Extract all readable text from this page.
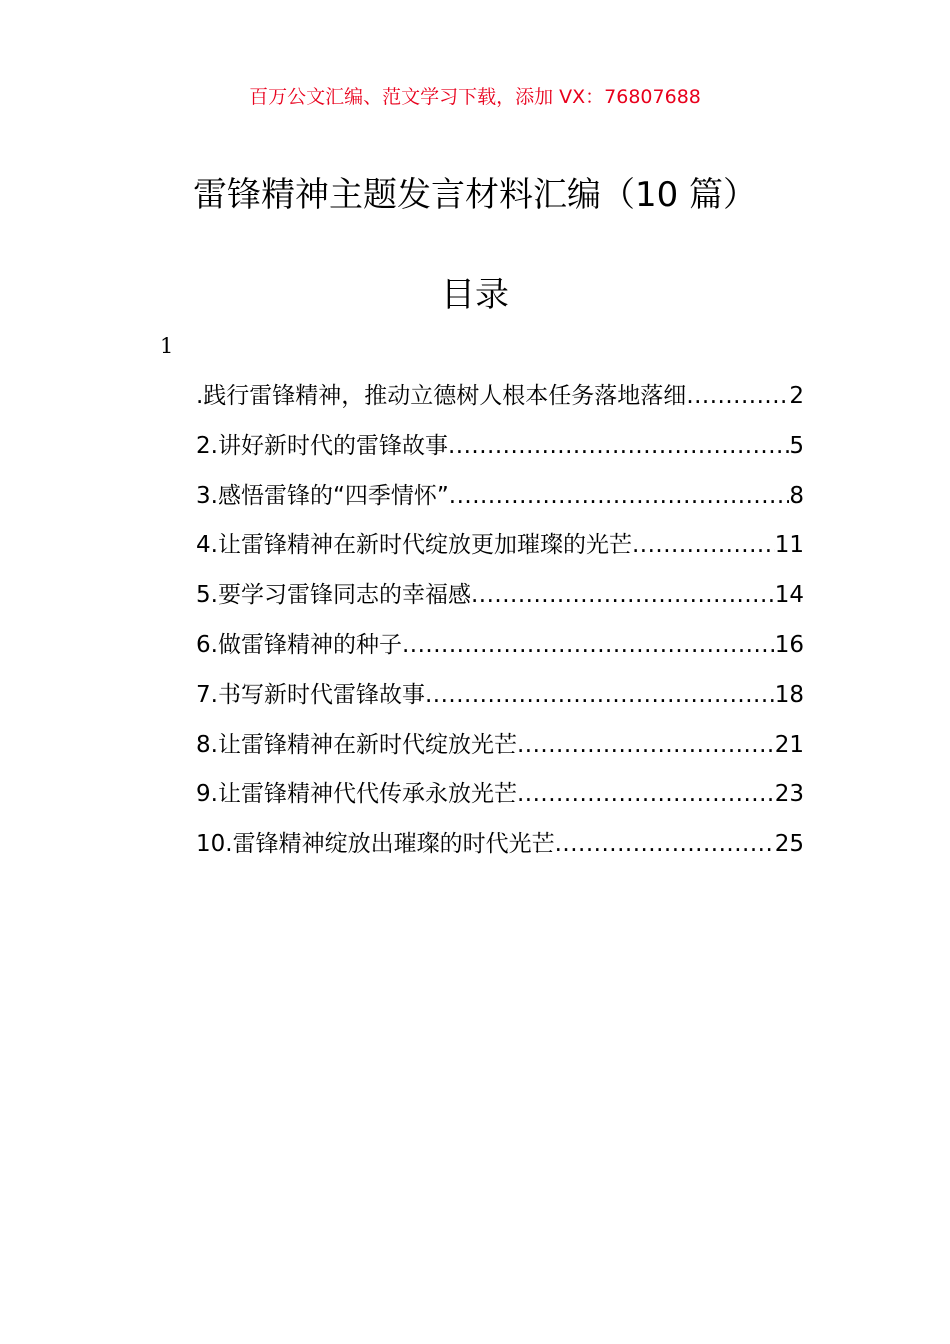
百万公文汇编、范文学习下载，添加 VX：76807688
雷锋精神主题发言材料汇编（10 篇）
目录
1
.践行雷锋精神，推动立德树人根本任务落地落细 .....	2
2.讲好新时代的雷锋故事 .....	5
3.感悟雷锋的“四季情怀” .....	8
4.让雷锋精神在新时代绽放更加璀璨的光芒 .....	11
5.要学习雷锋同志的幸福感 .....	14
6.做雷锋精神的种子 .....	16
7.书写新时代雷锋故事 .....	18
8.让雷锋精神在新时代绽放光芒 .....	21
9.让雷锋精神代代传承永放光芒 .....	23
10.雷锋精神绽放出璀璨的时代光芒 .....	25
